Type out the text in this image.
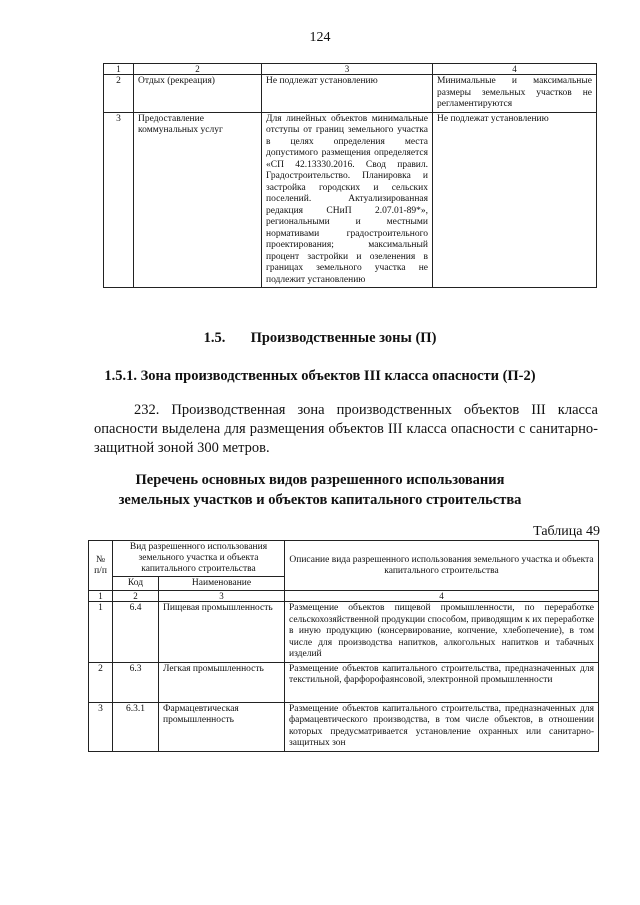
124
1	2	3	4
2	Отдых (рекреация)	Не подлежат установлению	Минимальные и максимальные размеры земельных участков не регламентируются
3	Предоставление коммунальных услуг	Для линейных объектов минимальные отступы от границ земельного участка в целях определения места допустимого размещения определяется «СП 42.13330.2016. Свод правил. Градостроительство. Планировка и застройка городских и сельских поселений. Актуализированная редакция СНиП 2.07.01-89*», региональными и местными нормативами градостроительного проектирования; максимальный процент застройки и озеленения в границах земельного участка не подлежит установлению	Не подлежат установлению
1.5. Производственные зоны (П)
1.5.1. Зона производственных объектов III класса опасности (П-2)
232. Производственная зона производственных объектов III класса опасности выделена для размещения объектов III класса опасности с санитарно-защитной зоной 300 метров.
Перечень основных видов разрешенного использования
земельных участков и объектов капитального строительства
Таблица 49
№ п/п	Вид разрешенного использования земельного участка и объекта капитального строительства		Описание вида разрешенного использования земельного участка и объекта капитального строительства
	Код	Наименование	
1	2	3	4
1	6.4	Пищевая промышленность	Размещение объектов пищевой промышленности, по переработке сельскохозяйственной продукции способом, приводящим к их переработке в иную продукцию (консервирование, копчение, хлебопечение), в том числе для производства напитков, алкогольных напитков и табачных изделий
2	6.3	Легкая промышленность	Размещение объектов капитального строительства, предназначенных для текстильной, фарфорофаянсовой, электронной промышленности
3	6.3.1	Фармацевтическая промышленность	Размещение объектов капитального строительства, предназначенных для фармацевтического производства, в том числе объектов, в отношении которых предусматривается установление охранных или санитарно-защитных зон
